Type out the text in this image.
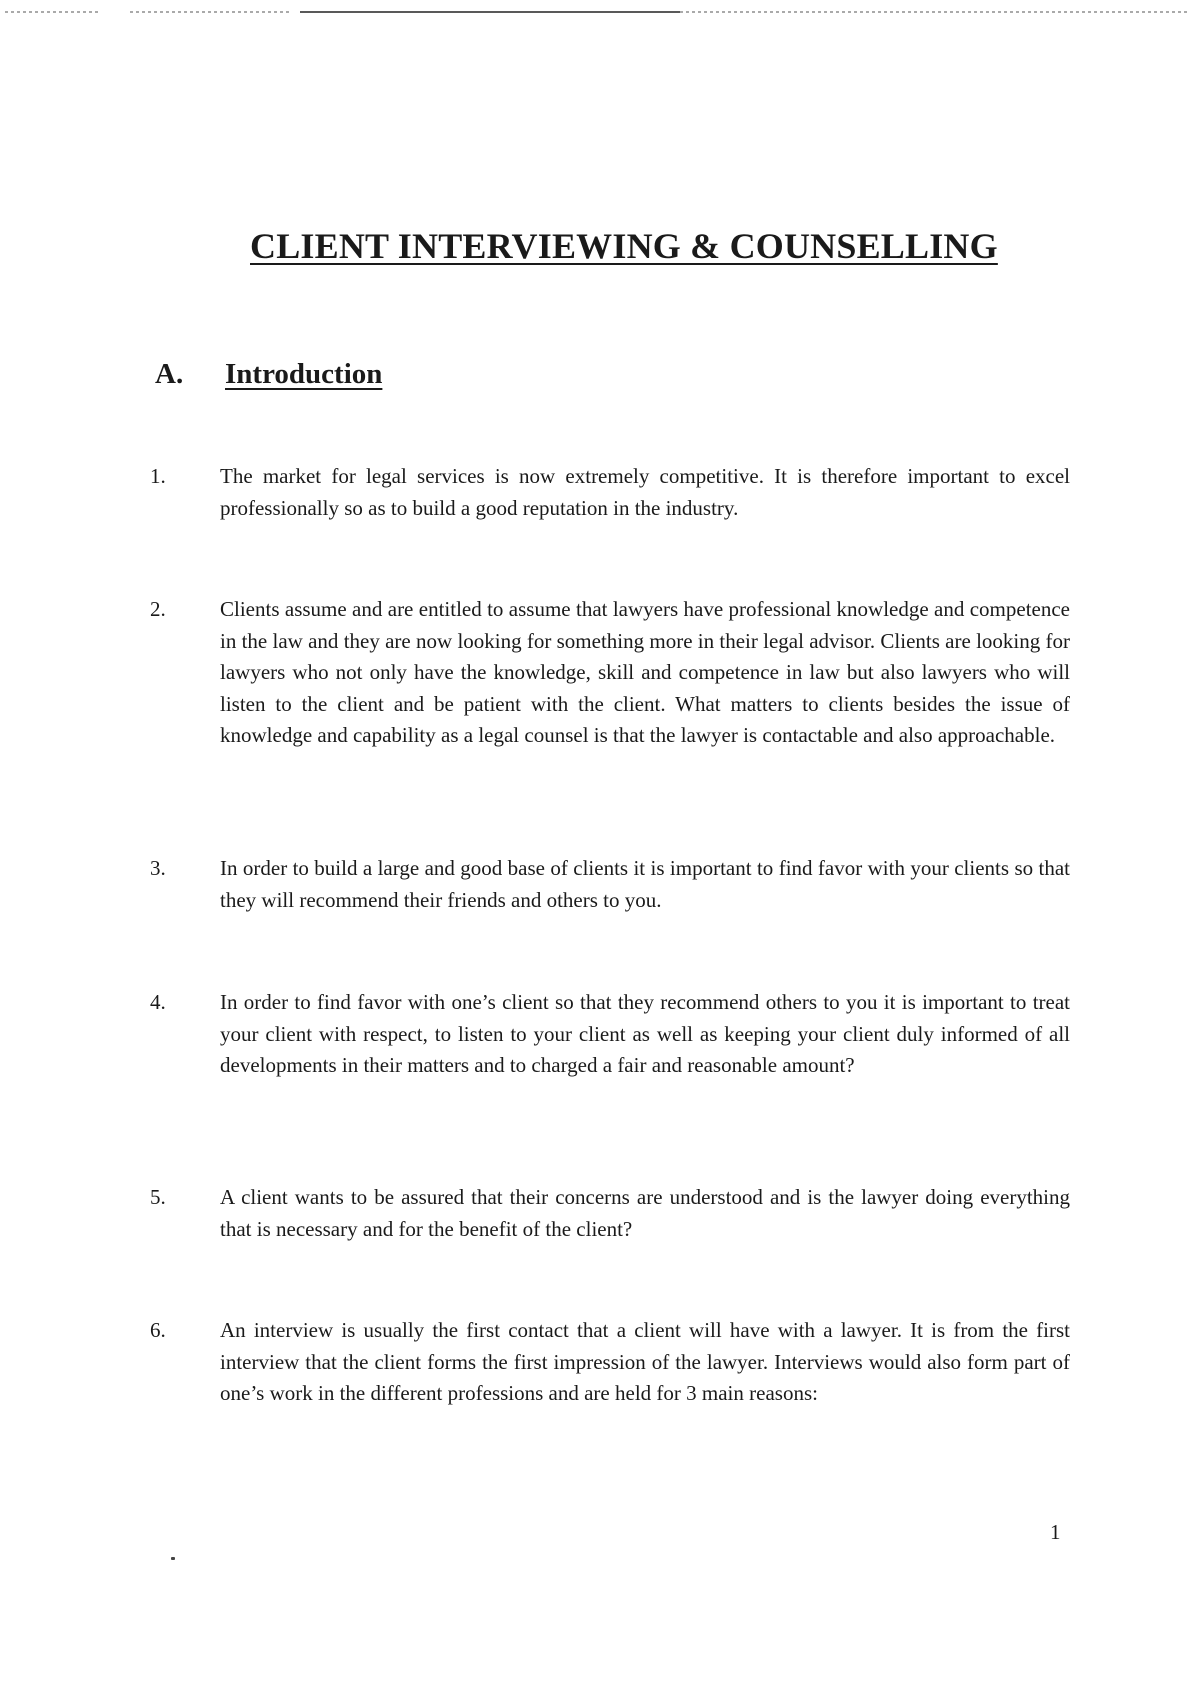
CLIENT INTERVIEWING & COUNSELLING
A. Introduction
1.	The market for legal services is now extremely competitive. It is therefore important to excel professionally so as to build a good reputation in the industry.
2.	Clients assume and are entitled to assume that lawyers have professional knowledge and competence in the law and they are now looking for something more in their legal advisor. Clients are looking for lawyers who not only have the knowledge, skill and competence in law but also lawyers who will listen to the client and be patient with the client. What matters to clients besides the issue of knowledge and capability as a legal counsel is that the lawyer is contactable and also approachable.
3.	In order to build a large and good base of clients it is important to find favor with your clients so that they will recommend their friends and others to you.
4.	In order to find favor with one’s client so that they recommend others to you it is important to treat your client with respect, to listen to your client as well as keeping your client duly informed of all developments in their matters and to charged a fair and reasonable amount?
5.	A client wants to be assured that their concerns are understood and is the lawyer doing everything that is necessary and for the benefit of the client?
6.	An interview is usually the first contact that a client will have with a lawyer. It is from the first interview that the client forms the first impression of the lawyer. Interviews would also form part of one’s work in the different professions and are held for 3 main reasons:
1
